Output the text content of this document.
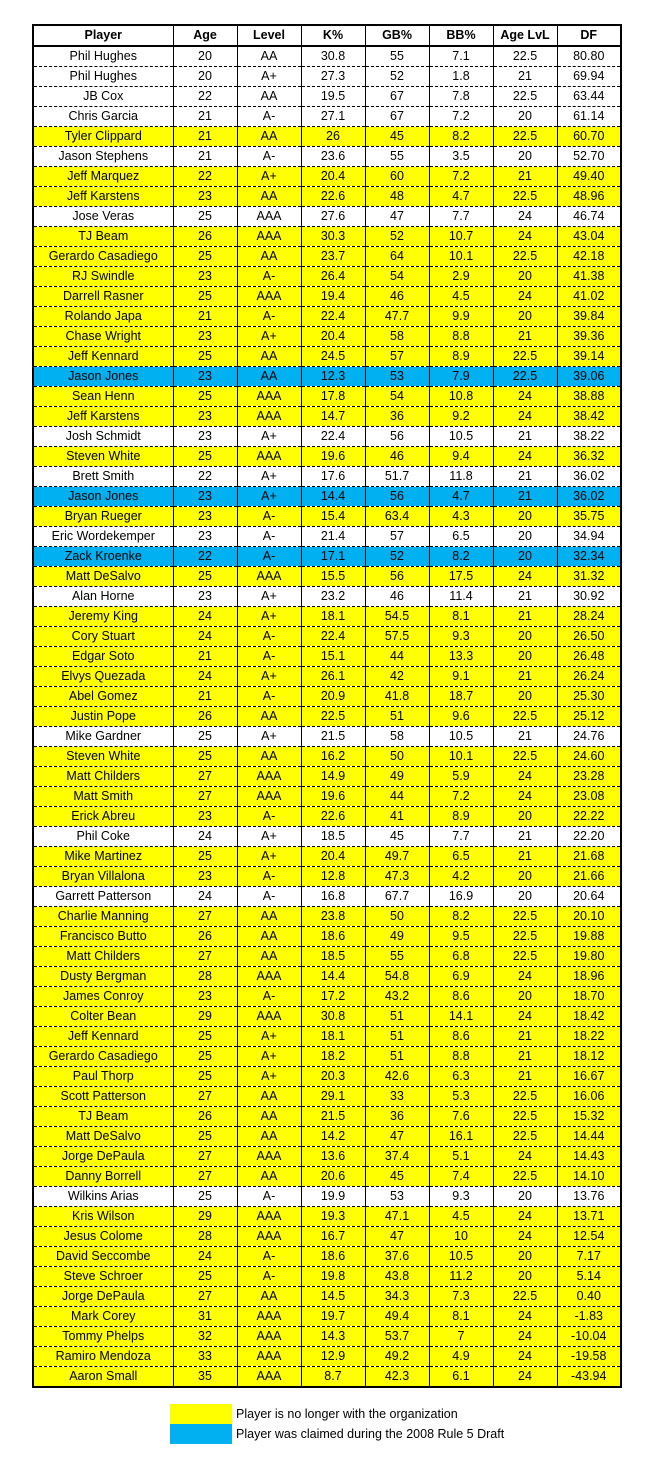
Player	Age	Level	K%	GB%	BB%	Age LvL	DF
Phil Hughes	20	AA	30.8	55	7.1	22.5	80.80
Phil Hughes	20	A+	27.3	52	1.8	21	69.94
JB Cox	22	AA	19.5	67	7.8	22.5	63.44
Chris Garcia	21	A-	27.1	67	7.2	20	61.14
Tyler Clippard	21	AA	26	45	8.2	22.5	60.70
Jason Stephens	21	A-	23.6	55	3.5	20	52.70
Jeff Marquez	22	A+	20.4	60	7.2	21	49.40
Jeff Karstens	23	AA	22.6	48	4.7	22.5	48.96
Jose Veras	25	AAA	27.6	47	7.7	24	46.74
TJ Beam	26	AAA	30.3	52	10.7	24	43.04
Gerardo Casadiego	25	AA	23.7	64	10.1	22.5	42.18
RJ Swindle	23	A-	26.4	54	2.9	20	41.38
Darrell Rasner	25	AAA	19.4	46	4.5	24	41.02
Rolando Japa	21	A-	22.4	47.7	9.9	20	39.84
Chase Wright	23	A+	20.4	58	8.8	21	39.36
Jeff Kennard	25	AA	24.5	57	8.9	22.5	39.14
Jason Jones	23	AA	12.3	53	7.9	22.5	39.06
Sean Henn	25	AAA	17.8	54	10.8	24	38.88
Jeff Karstens	23	AAA	14.7	36	9.2	24	38.42
Josh Schmidt	23	A+	22.4	56	10.5	21	38.22
Steven White	25	AAA	19.6	46	9.4	24	36.32
Brett Smith	22	A+	17.6	51.7	11.8	21	36.02
Jason Jones	23	A+	14.4	56	4.7	21	36.02
Bryan Rueger	23	A-	15.4	63.4	4.3	20	35.75
Eric Wordekemper	23	A-	21.4	57	6.5	20	34.94
Zack Kroenke	22	A-	17.1	52	8.2	20	32.34
Matt DeSalvo	25	AAA	15.5	56	17.5	24	31.32
Alan Horne	23	A+	23.2	46	11.4	21	30.92
Jeremy King	24	A+	18.1	54.5	8.1	21	28.24
Cory Stuart	24	A-	22.4	57.5	9.3	20	26.50
Edgar Soto	21	A-	15.1	44	13.3	20	26.48
Elvys Quezada	24	A+	26.1	42	9.1	21	26.24
Abel Gomez	21	A-	20.9	41.8	18.7	20	25.30
Justin Pope	26	AA	22.5	51	9.6	22.5	25.12
Mike Gardner	25	A+	21.5	58	10.5	21	24.76
Steven White	25	AA	16.2	50	10.1	22.5	24.60
Matt Childers	27	AAA	14.9	49	5.9	24	23.28
Matt Smith	27	AAA	19.6	44	7.2	24	23.08
Erick Abreu	23	A-	22.6	41	8.9	20	22.22
Phil Coke	24	A+	18.5	45	7.7	21	22.20
Mike Martinez	25	A+	20.4	49.7	6.5	21	21.68
Bryan Villalona	23	A-	12.8	47.3	4.2	20	21.66
Garrett Patterson	24	A-	16.8	67.7	16.9	20	20.64
Charlie Manning	27	AA	23.8	50	8.2	22.5	20.10
Francisco Butto	26	AA	18.6	49	9.5	22.5	19.88
Matt Childers	27	AA	18.5	55	6.8	22.5	19.80
Dusty Bergman	28	AAA	14.4	54.8	6.9	24	18.96
James Conroy	23	A-	17.2	43.2	8.6	20	18.70
Colter Bean	29	AAA	30.8	51	14.1	24	18.42
Jeff Kennard	25	A+	18.1	51	8.6	21	18.22
Gerardo Casadiego	25	A+	18.2	51	8.8	21	18.12
Paul Thorp	25	A+	20.3	42.6	6.3	21	16.67
Scott Patterson	27	AA	29.1	33	5.3	22.5	16.06
TJ Beam	26	AA	21.5	36	7.6	22.5	15.32
Matt DeSalvo	25	AA	14.2	47	16.1	22.5	14.44
Jorge DePaula	27	AAA	13.6	37.4	5.1	24	14.43
Danny Borrell	27	AA	20.6	45	7.4	22.5	14.10
Wilkins Arias	25	A-	19.9	53	9.3	20	13.76
Kris Wilson	29	AAA	19.3	47.1	4.5	24	13.71
Jesus Colome	28	AAA	16.7	47	10	24	12.54
David Seccombe	24	A-	18.6	37.6	10.5	20	7.17
Steve Schroer	25	A-	19.8	43.8	11.2	20	5.14
Jorge DePaula	27	AA	14.5	34.3	7.3	22.5	0.40
Mark Corey	31	AAA	19.7	49.4	8.1	24	-1.83
Tommy Phelps	32	AAA	14.3	53.7	7	24	-10.04
Ramiro Mendoza	33	AAA	12.9	49.2	4.9	24	-19.58
Aaron Small	35	AAA	8.7	42.3	6.1	24	-43.94
Player is no longer with the organization
Player was claimed during the 2008 Rule 5 Draft
